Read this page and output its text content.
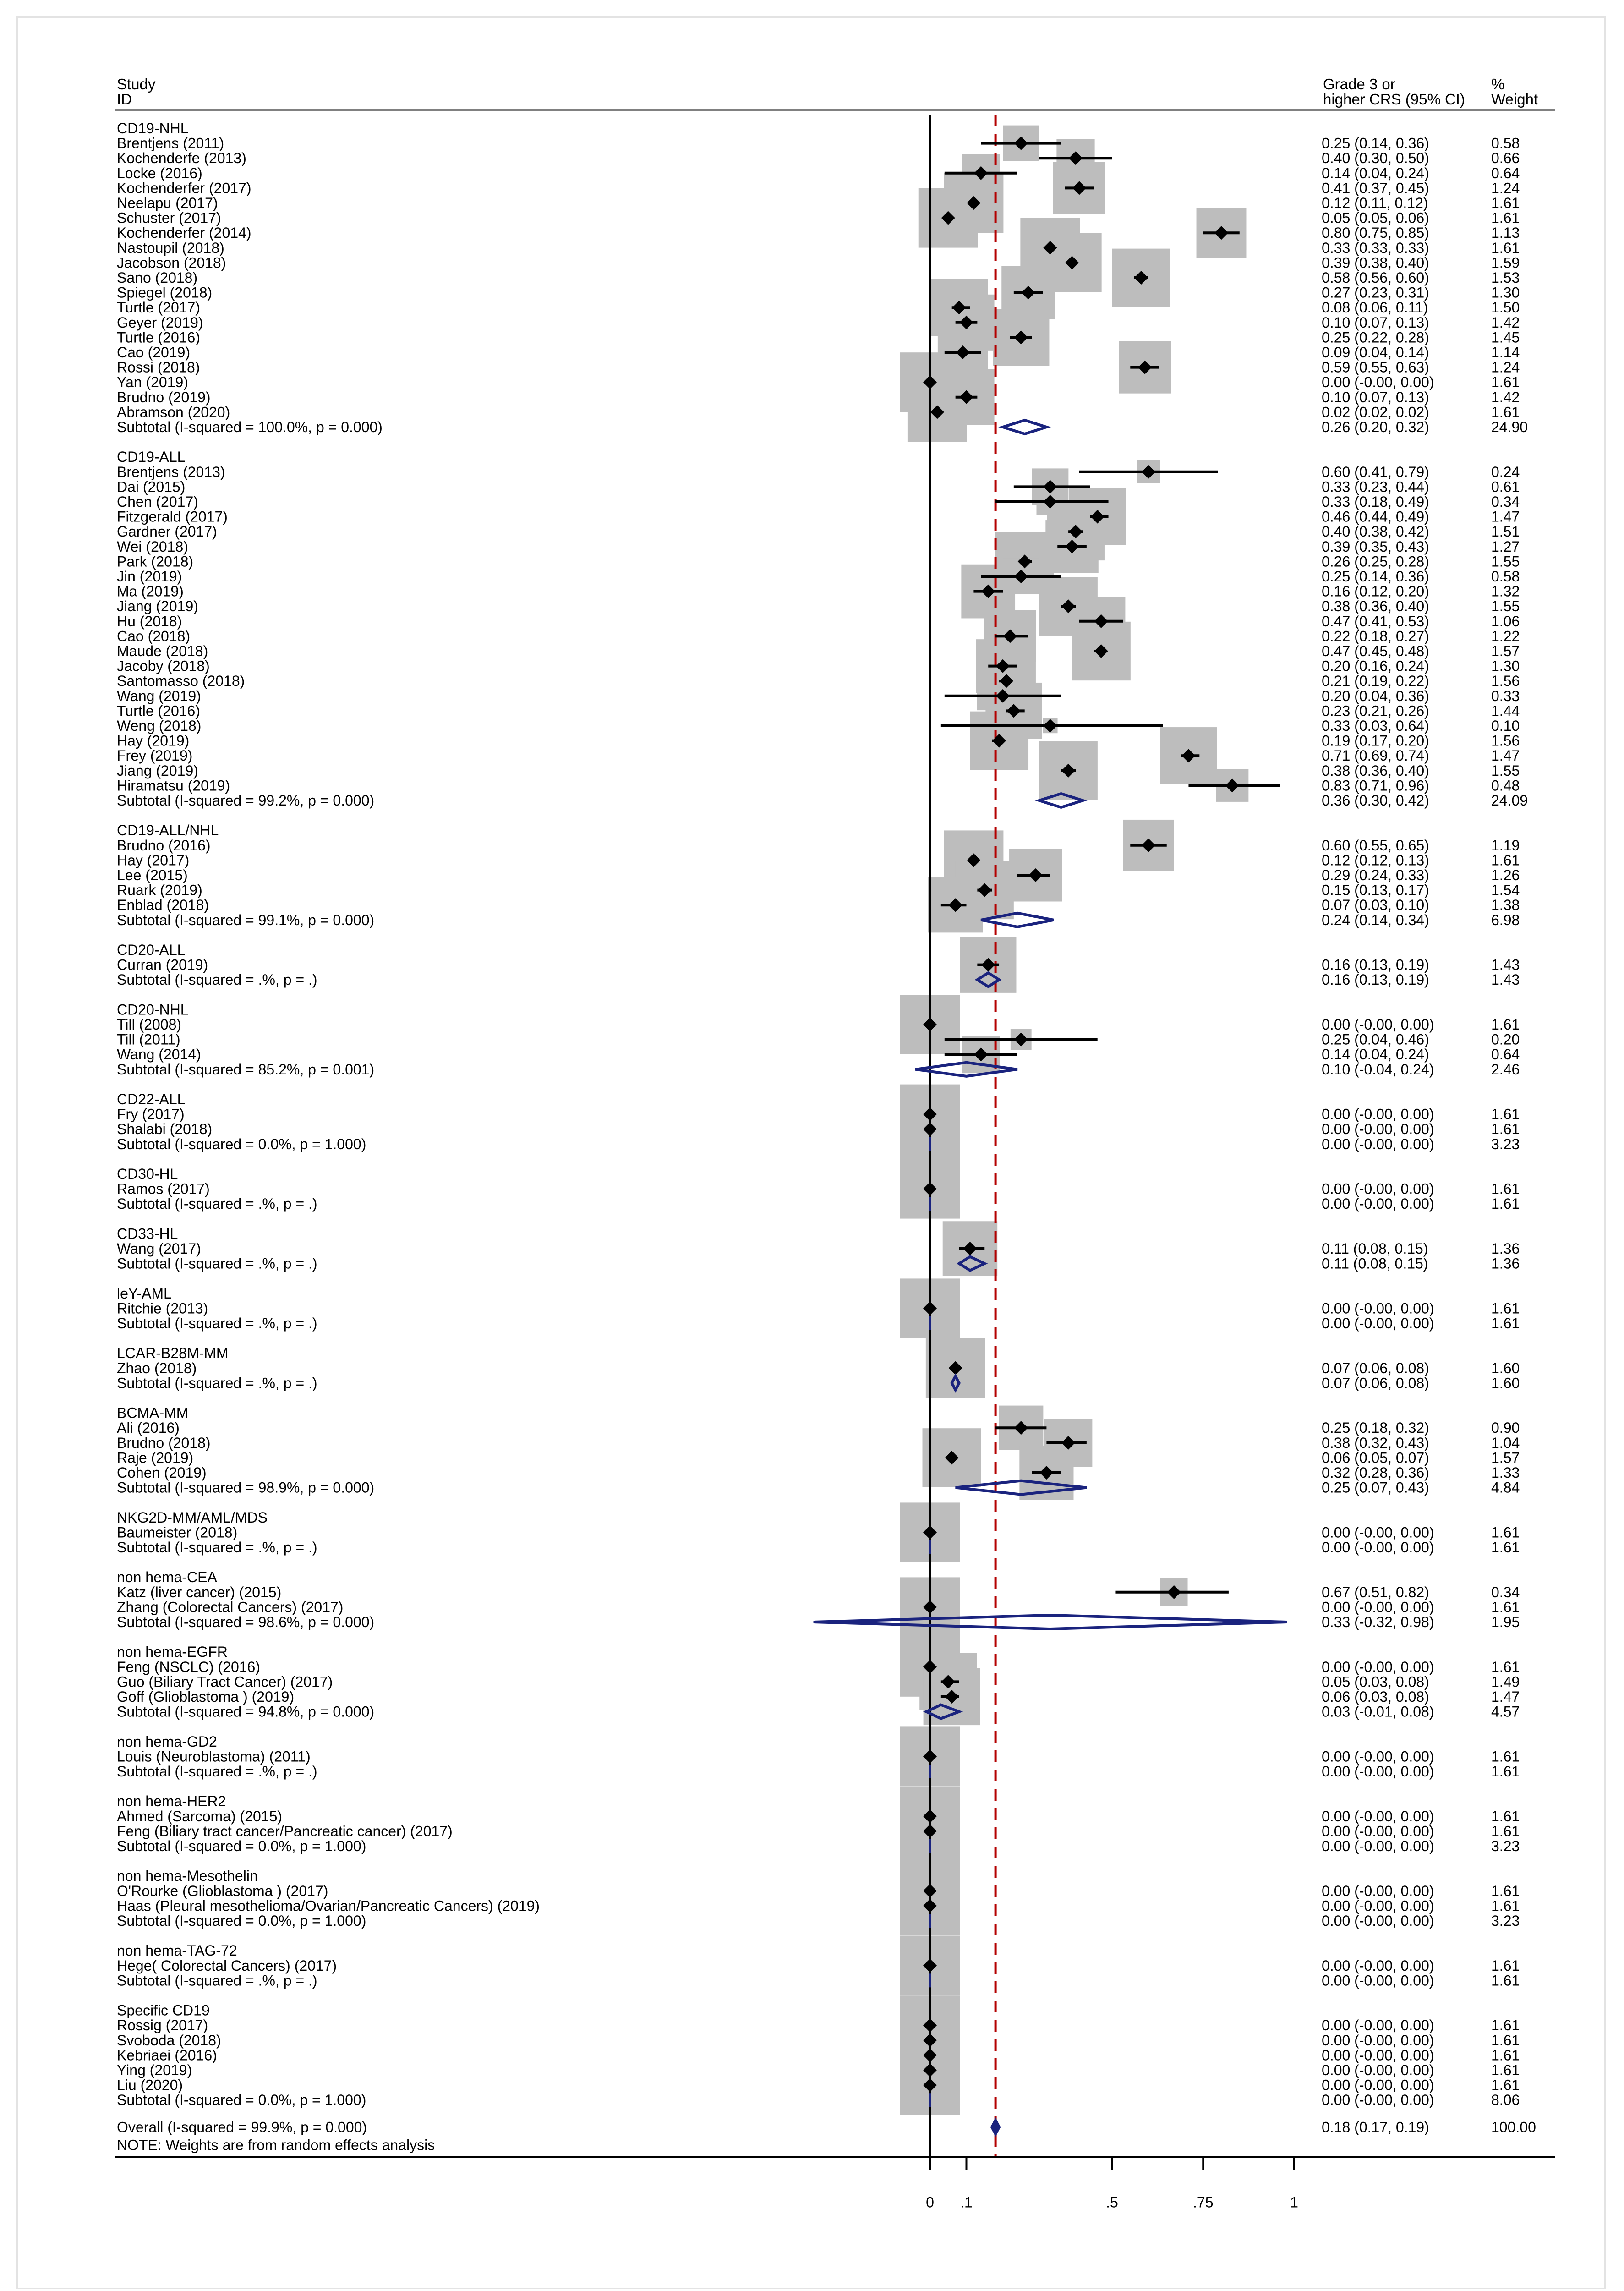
Study
ID
Grade 3 or
higher CRS (95% CI)
%
Weight
CD19-NHL
Brentjens (2011)	0.25 (0.14, 0.36)	0.58
Kochenderfe (2013)	0.40 (0.30, 0.50)	0.66
Locke (2016)	0.14 (0.04, 0.24)	0.64
Kochenderfer (2017)	0.41 (0.37, 0.45)	1.24
Neelapu (2017)	0.12 (0.11, 0.12)	1.61
Schuster (2017)	0.05 (0.05, 0.06)	1.61
Kochenderfer (2014)	0.80 (0.75, 0.85)	1.13
Nastoupil (2018)	0.33 (0.33, 0.33)	1.61
Jacobson (2018)	0.39 (0.38, 0.40)	1.59
Sano (2018)	0.58 (0.56, 0.60)	1.53
Spiegel (2018)	0.27 (0.23, 0.31)	1.30
Turtle (2017)	0.08 (0.06, 0.11)	1.50
Geyer (2019)	0.10 (0.07, 0.13)	1.42
Turtle (2016)	0.25 (0.22, 0.28)	1.45
Cao (2019)	0.09 (0.04, 0.14)	1.14
Rossi (2018)	0.59 (0.55, 0.63)	1.24
Yan (2019)	0.00 (-0.00, 0.00)	1.61
Brudno (2019)	0.10 (0.07, 0.13)	1.42
Abramson (2020)	0.02 (0.02, 0.02)	1.61
Subtotal (I-squared = 100.0%, p = 0.000)	0.26 (0.20, 0.32)	24.90
CD19-ALL
Brentjens (2013)	0.60 (0.41, 0.79)	0.24
Dai (2015)	0.33 (0.23, 0.44)	0.61
Chen (2017)	0.33 (0.18, 0.49)	0.34
Fitzgerald (2017)	0.46 (0.44, 0.49)	1.47
Gardner (2017)	0.40 (0.38, 0.42)	1.51
Wei (2018)	0.39 (0.35, 0.43)	1.27
Park (2018)	0.26 (0.25, 0.28)	1.55
Jin (2019)	0.25 (0.14, 0.36)	0.58
Ma (2019)	0.16 (0.12, 0.20)	1.32
Jiang (2019)	0.38 (0.36, 0.40)	1.55
Hu (2018)	0.47 (0.41, 0.53)	1.06
Cao (2018)	0.22 (0.18, 0.27)	1.22
Maude (2018)	0.47 (0.45, 0.48)	1.57
Jacoby (2018)	0.20 (0.16, 0.24)	1.30
Santomasso (2018)	0.21 (0.19, 0.22)	1.56
Wang (2019)	0.20 (0.04, 0.36)	0.33
Turtle (2016)	0.23 (0.21, 0.26)	1.44
Weng (2018)	0.33 (0.03, 0.64)	0.10
Hay (2019)	0.19 (0.17, 0.20)	1.56
Frey (2019)	0.71 (0.69, 0.74)	1.47
Jiang (2019)	0.38 (0.36, 0.40)	1.55
Hiramatsu (2019)	0.83 (0.71, 0.96)	0.48
Subtotal (I-squared = 99.2%, p = 0.000)	0.36 (0.30, 0.42)	24.09
CD19-ALL/NHL
Brudno (2016)	0.60 (0.55, 0.65)	1.19
Hay (2017)	0.12 (0.12, 0.13)	1.61
Lee (2015)	0.29 (0.24, 0.33)	1.26
Ruark (2019)	0.15 (0.13, 0.17)	1.54
Enblad (2018)	0.07 (0.03, 0.10)	1.38
Subtotal (I-squared = 99.1%, p = 0.000)	0.24 (0.14, 0.34)	6.98
CD20-ALL
Curran (2019)	0.16 (0.13, 0.19)	1.43
Subtotal (I-squared = .%, p = .)	0.16 (0.13, 0.19)	1.43
CD20-NHL
Till (2008)	0.00 (-0.00, 0.00)	1.61
Till (2011)	0.25 (0.04, 0.46)	0.20
Wang (2014)	0.14 (0.04, 0.24)	0.64
Subtotal (I-squared = 85.2%, p = 0.001)	0.10 (-0.04, 0.24)	2.46
CD22-ALL
Fry (2017)	0.00 (-0.00, 0.00)	1.61
Shalabi (2018)	0.00 (-0.00, 0.00)	1.61
Subtotal (I-squared = 0.0%, p = 1.000)	0.00 (-0.00, 0.00)	3.23
CD30-HL
Ramos (2017)	0.00 (-0.00, 0.00)	1.61
Subtotal (I-squared = .%, p = .)	0.00 (-0.00, 0.00)	1.61
CD33-HL
Wang (2017)	0.11 (0.08, 0.15)	1.36
Subtotal (I-squared = .%, p = .)	0.11 (0.08, 0.15)	1.36
leY-AML
Ritchie (2013)	0.00 (-0.00, 0.00)	1.61
Subtotal (I-squared = .%, p = .)	0.00 (-0.00, 0.00)	1.61
LCAR-B28M-MM
Zhao (2018)	0.07 (0.06, 0.08)	1.60
Subtotal (I-squared = .%, p = .)	0.07 (0.06, 0.08)	1.60
BCMA-MM
Ali (2016)	0.25 (0.18, 0.32)	0.90
Brudno (2018)	0.38 (0.32, 0.43)	1.04
Raje (2019)	0.06 (0.05, 0.07)	1.57
Cohen (2019)	0.32 (0.28, 0.36)	1.33
Subtotal (I-squared = 98.9%, p = 0.000)	0.25 (0.07, 0.43)	4.84
NKG2D-MM/AML/MDS
Baumeister (2018)	0.00 (-0.00, 0.00)	1.61
Subtotal (I-squared = .%, p = .)	0.00 (-0.00, 0.00)	1.61
non hema-CEA
Katz (liver cancer) (2015)	0.67 (0.51, 0.82)	0.34
Zhang (Colorectal Cancers) (2017)	0.00 (-0.00, 0.00)	1.61
Subtotal (I-squared = 98.6%, p = 0.000)	0.33 (-0.32, 0.98)	1.95
non hema-EGFR
Feng (NSCLC) (2016)	0.00 (-0.00, 0.00)	1.61
Guo (Biliary Tract Cancer) (2017)	0.05 (0.03, 0.08)	1.49
Goff (Glioblastoma ) (2019)	0.06 (0.03, 0.08)	1.47
Subtotal (I-squared = 94.8%, p = 0.000)	0.03 (-0.01, 0.08)	4.57
non hema-GD2
Louis (Neuroblastoma) (2011)	0.00 (-0.00, 0.00)	1.61
Subtotal (I-squared = .%, p = .)	0.00 (-0.00, 0.00)	1.61
non hema-HER2
Ahmed (Sarcoma) (2015)	0.00 (-0.00, 0.00)	1.61
Feng (Biliary tract cancer/Pancreatic cancer) (2017)	0.00 (-0.00, 0.00)	1.61
Subtotal (I-squared = 0.0%, p = 1.000)	0.00 (-0.00, 0.00)	3.23
non hema-Mesothelin
O'Rourke (Glioblastoma ) (2017)	0.00 (-0.00, 0.00)	1.61
Haas (Pleural mesothelioma/Ovarian/Pancreatic Cancers) (2019)	0.00 (-0.00, 0.00)	1.61
Subtotal (I-squared = 0.0%, p = 1.000)	0.00 (-0.00, 0.00)	3.23
non hema-TAG-72
Hege( Colorectal Cancers) (2017)	0.00 (-0.00, 0.00)	1.61
Subtotal (I-squared = .%, p = .)	0.00 (-0.00, 0.00)	1.61
Specific CD19
Rossig (2017)	0.00 (-0.00, 0.00)	1.61
Svoboda (2018)	0.00 (-0.00, 0.00)	1.61
Kebriaei (2016)	0.00 (-0.00, 0.00)	1.61
Ying (2019)	0.00 (-0.00, 0.00)	1.61
Liu (2020)	0.00 (-0.00, 0.00)	1.61
Subtotal (I-squared = 0.0%, p = 1.000)	0.00 (-0.00, 0.00)	8.06
Overall (I-squared = 99.9%, p = 0.000)	0.18 (0.17, 0.19)	100.00
NOTE: Weights are from random effects analysis
0 .1	.5	.75	1
